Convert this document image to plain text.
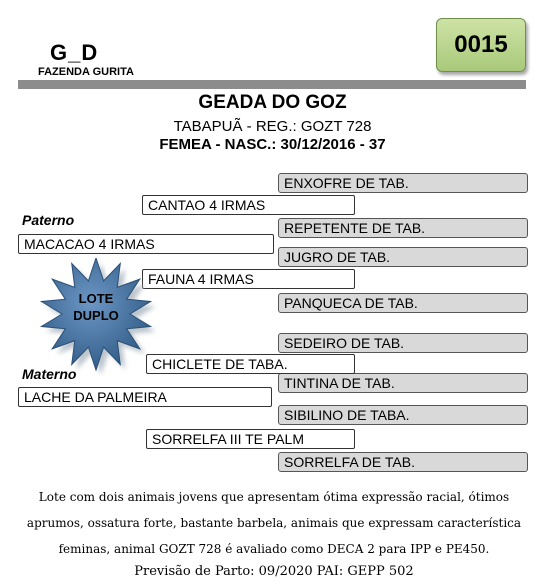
G_D
FAZENDA GURITA
0015
GEADA DO GOZ
TABAPUÃ - REG.: GOZT 728
FEMEA - NASC.: 30/12/2016 - 37
ENXOFRE DE TAB.
REPETENTE DE TAB.
JUGRO DE TAB.
PANQUECA DE TAB.
SEDEIRO DE TAB.
TINTINA DE TAB.
SIBILINO DE TABA.
SORRELFA DE TAB.
CANTAO 4 IRMAS
FAUNA 4 IRMAS
CHICLETE DE TABA.
SORRELFA III TE PALM
Paterno
MACACAO 4 IRMAS
Materno
LACHE DA PALMEIRA
LOTE
DUPLO

Lote com dois animais jovens que apresentam ótima expressão racial, ótimos

aprumos, ossatura forte, bastante barbela, animais que expressam característica

feminas, animal GOZT 728 é avaliado como DECA 2 para IPP e PE450.

Previsão de Parto: 09/2020 PAI: GEPP 502
